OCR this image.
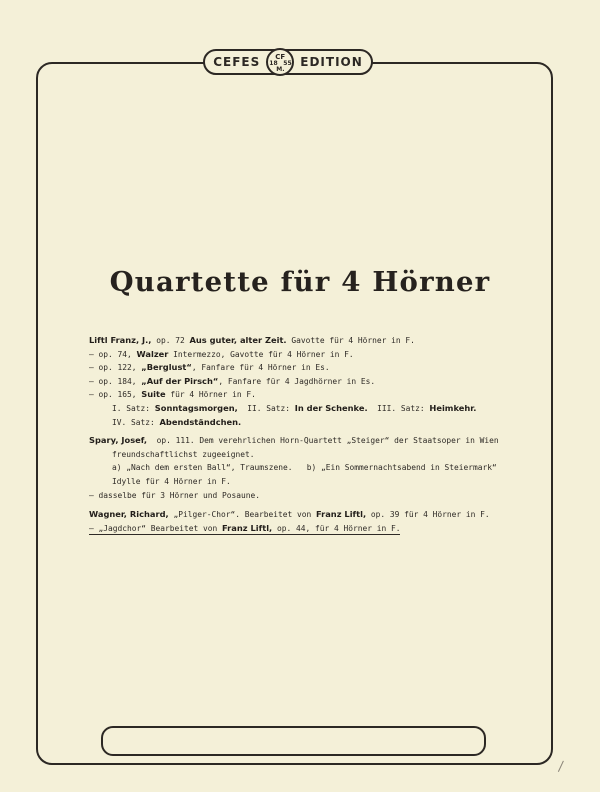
CEFES CF
18 55
M.
EDITION
Quartette für 4 Hörner
Liftl Franz, J., op. 72 Aus guter, alter Zeit. Gavotte für 4 Hörner in F.
— op. 74, Walzer Intermezzo, Gavotte für 4 Hörner in F.
— op. 122, „Berglust“, Fanfare für 4 Hörner in Es.
— op. 184, „Auf der Pirsch“, Fanfare für 4 Jagdhörner in Es.
— op. 165, Suite für 4 Hörner in F.
I. Satz: Sonntagsmorgen,  II. Satz: In der Schenke.  III. Satz: Heimkehr.
IV. Satz: Abendständchen.
Spary, Josef,  op. 111. Dem verehrlichen Horn-Quartett „Steiger“ der Staatsoper in Wien
freundschaftlichst zugeeignet.
a) „Nach dem ersten Ball“, Traumszene.   b) „Ein Sommernachtsabend in Steiermark“
Idylle für 4 Hörner in F.
— dasselbe für 3 Hörner und Posaune.
Wagner, Richard, „Pilger-Chor“. Bearbeitet von Franz Liftl, op. 39 für 4 Hörner in F.
— „Jagdchor“ Bearbeitet von Franz Liftl, op. 44, für 4 Hörner in F.
